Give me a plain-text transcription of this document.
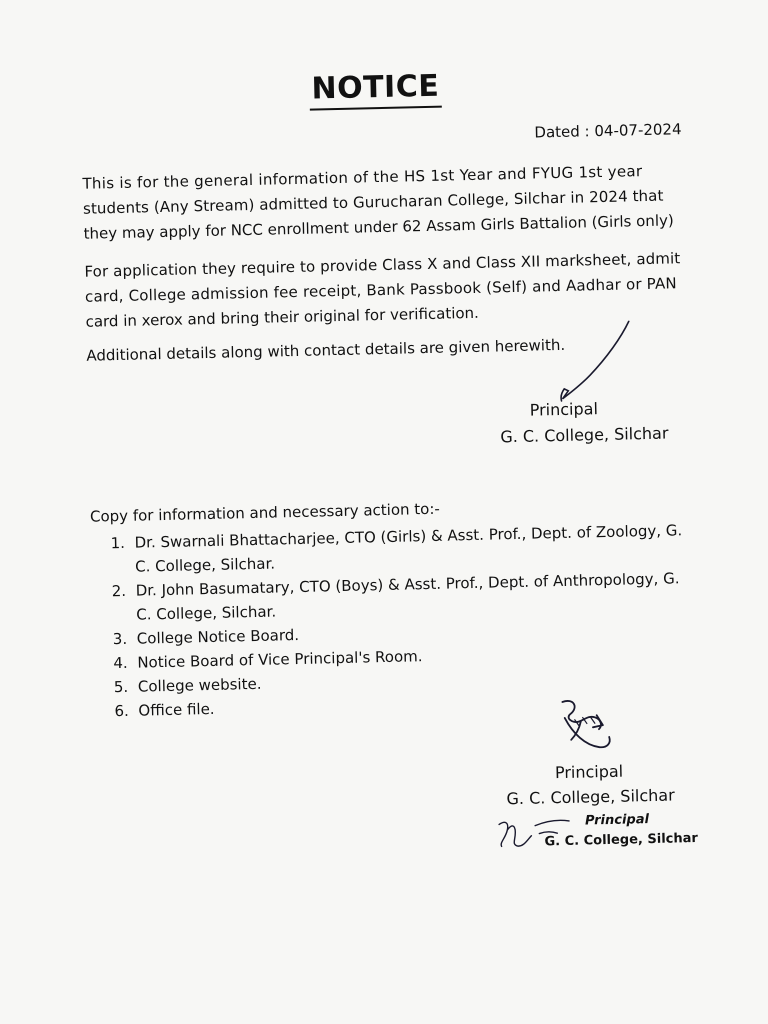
NOTICE
Dated : 04-07-2024
This is for the general information of the HS 1st Year and FYUG 1st year
students (Any Stream) admitted to Gurucharan College, Silchar in 2024 that
they may apply for NCC enrollment under 62 Assam Girls Battalion (Girls only)
For application they require to provide Class X and Class XII marksheet, admit
card, College admission fee receipt, Bank Passbook (Self) and Aadhar or PAN
card in xerox and bring their original for verification.
Additional details along with contact details are given herewith.
Principal
G. C. College, Silchar
Copy for information and necessary action to:-
1. Dr. Swarnali Bhattacharjee, CTO (Girls) & Asst. Prof., Dept. of Zoology, G.
C. College, Silchar.
2. Dr. John Basumatary, CTO (Boys) & Asst. Prof., Dept. of Anthropology, G.
C. College, Silchar.
3. College Notice Board.
4. Notice Board of Vice Principal's Room.
5. College website.
6. Office file.
Principal
G. C. College, Silchar
Principal
G. C. College, Silchar
